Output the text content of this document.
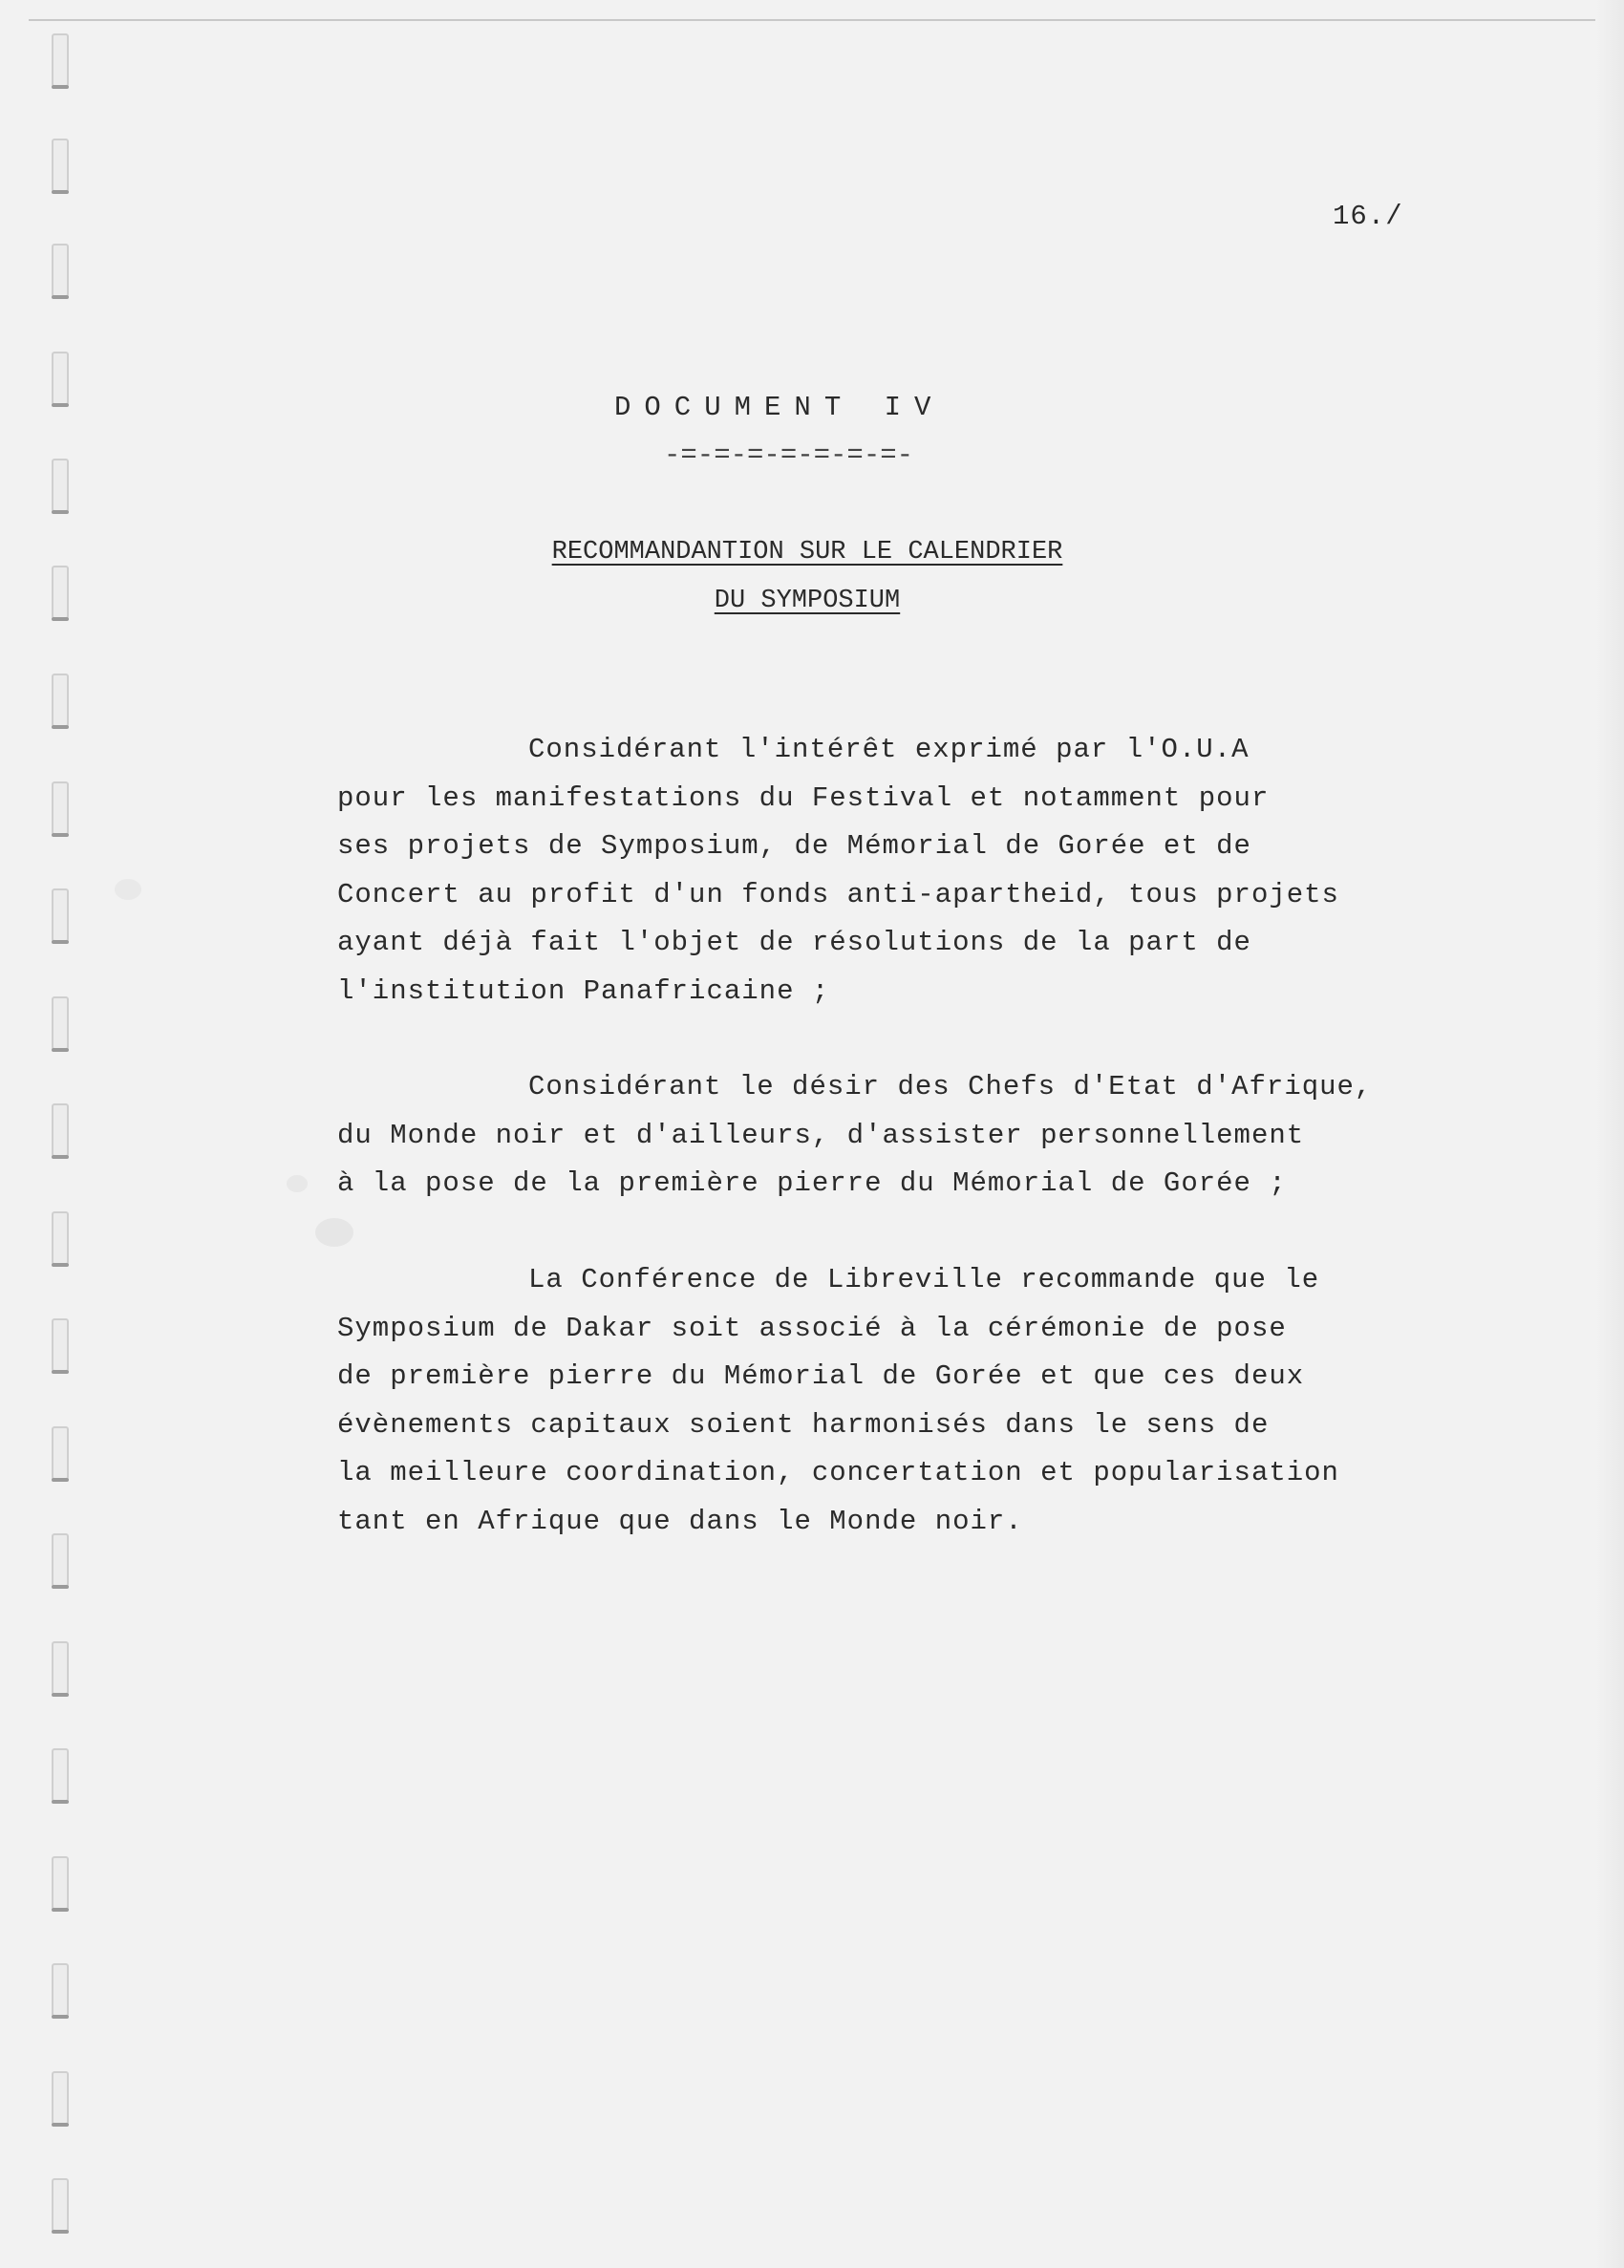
16./
DOCUMENT IV
-=-=-=-=-=-=-=-
RECOMMANDANTION SUR LE CALENDRIER
DU SYMPOSIUM
Considérant l'intérêt exprimé par l'O.U.A
pour les manifestations du Festival et notamment pour
ses projets de Symposium, de Mémorial de Gorée et de
Concert au profit d'un fonds anti-apartheid, tous projets
ayant déjà fait l'objet de résolutions de la part de
l'institution Panafricaine ;
Considérant le désir des Chefs d'Etat d'Afrique,
du Monde noir et d'ailleurs, d'assister personnellement
à la pose de la première pierre du Mémorial de Gorée ;
La Conférence de Libreville recommande que le
Symposium de Dakar soit associé à la cérémonie de pose
de première pierre du Mémorial de Gorée et que ces deux
évènements capitaux soient harmonisés dans le sens de
la meilleure coordination, concertation et popularisation
tant en Afrique que dans le Monde noir.
